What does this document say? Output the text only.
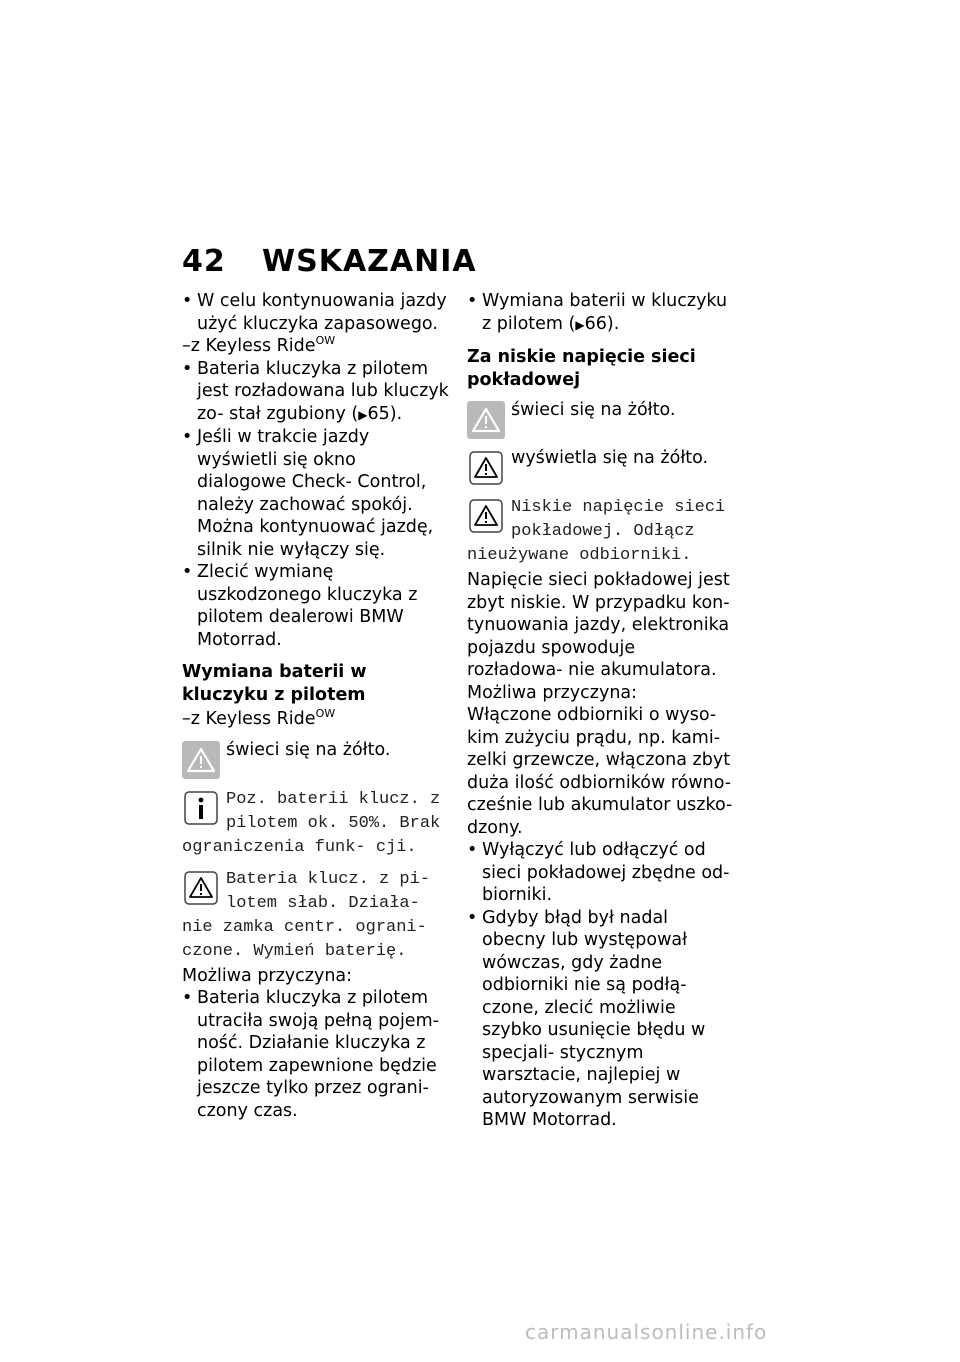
42 WSKAZANIA

• W celu kontynuowania jazdy użyć kluczyka zapasowego.

–z Keyless Ride$^{OW}$

• Bateria kluczyka z pilotem jest rozładowana lub kluczyk zo- stał zgubiony (▶︎65).

• Jeśli w trakcie jazdy wyświetli się okno dialogowe Check- Control, należy zachować spokój. Można kontynuować jazdę, silnik nie wyłączy się.

• Zlecić wymianę uszkodzonego kluczyka z pilotem dealerowi BMW Motorrad.

Wymiana baterii w kluczyku z pilotem

–z Keyless Ride$^{OW}$

świeci się na żółto.
Poz. baterii klucz. z pilotem ok. 50%. Brak ograniczenia funk- cji.
Bateria klucz. z pi- lotem słab. Działa- nie zamka centr. ograni- czone. Wymień baterię.

Możliwa przyczyna:

• Bateria kluczyka z pilotem utraciła swoją pełną pojem- ność. Działanie kluczyka z pilotem zapewnione będzie jeszcze tylko przez ograni- czony czas.

• Wymiana baterii w kluczyku z pilotem (▶︎66).

Za niskie napięcie sieci pokładowej

świeci się na żółto.
wyświetla się na żółto.
Niskie napięcie sieci pokładowej. Odłącz nieużywane odbiorniki.

Napięcie sieci pokładowej jest zbyt niskie. W przypadku kon- tynuowania jazdy, elektronika pojazdu spowoduje rozładowa- nie akumulatora.

Możliwa przyczyna:

Włączone odbiorniki o wyso- kim zużyciu prądu, np. kami- zelki grzewcze, włączona zbyt duża ilość odbiorników równo- cześnie lub akumulator uszko- dzony.

• Wyłączyć lub odłączyć od sieci pokładowej zbędne od- biorniki.

• Gdyby błąd był nadal obecny lub występował wówczas, gdy żadne odbiorniki nie są podłą- czone, zlecić możliwie szybko usunięcie błędu w specjali- stycznym warsztacie, najlepiej w autoryzowanym serwisie BMW Motorrad.

carmanualsonline.info
